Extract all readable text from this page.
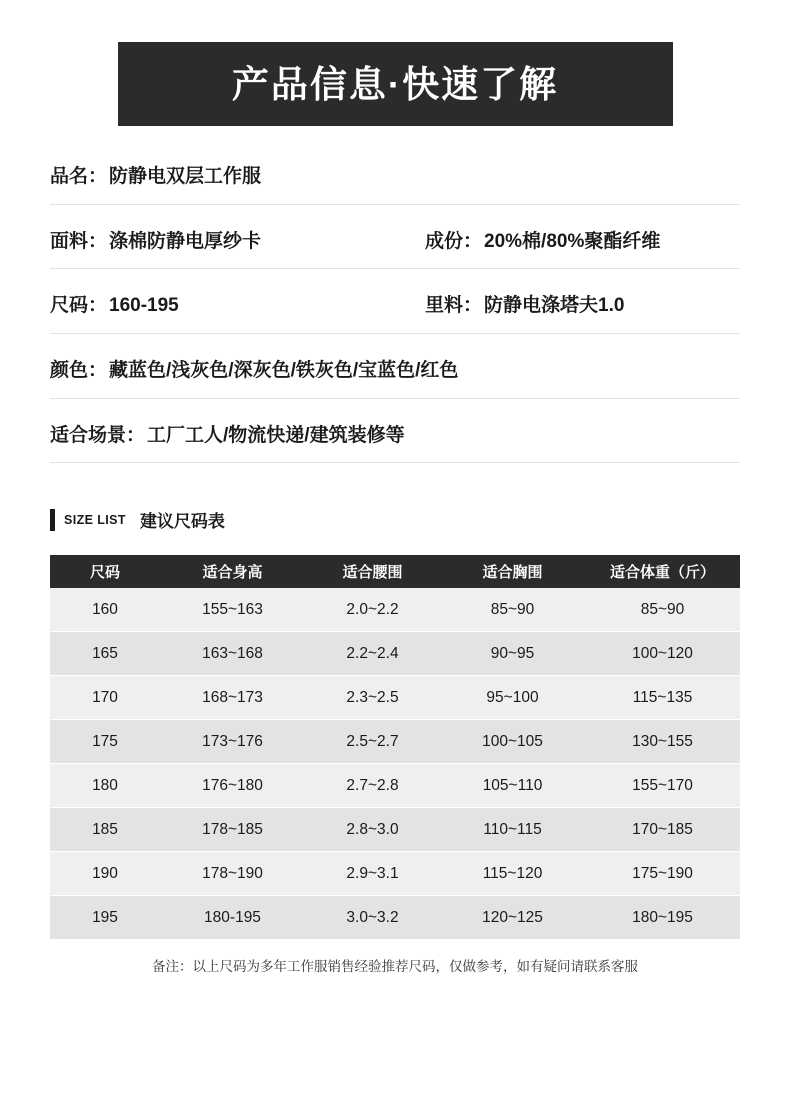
产品信息·快速了解
品名： 防静电双层工作服
面料： 涤棉防静电厚纱卡	成份： 20%棉/80%聚酯纤维
尺码： 160-195	里料： 防静电涤塔夫1.0
颜色： 藏蓝色/浅灰色/深灰色/铁灰色/宝蓝色/红色
适合场景： 工厂工人/物流快递/建筑装修等
SIZE LIST 建议尺码表
尺码	适合身高	适合腰围	适合胸围	适合体重（斤）
160	155~163	2.0~2.2	85~90	85~90
165	163~168	2.2~2.4	90~95	100~120
170	168~173	2.3~2.5	95~100	115~135
175	173~176	2.5~2.7	100~105	130~155
180	176~180	2.7~2.8	105~110	155~170
185	178~185	2.8~3.0	110~115	170~185
190	178~190	2.9~3.1	115~120	175~190
195	180-195	3.0~3.2	120~125	180~195
备注：以上尺码为多年工作服销售经验推荐尺码，仅做参考，如有疑问请联系客服
